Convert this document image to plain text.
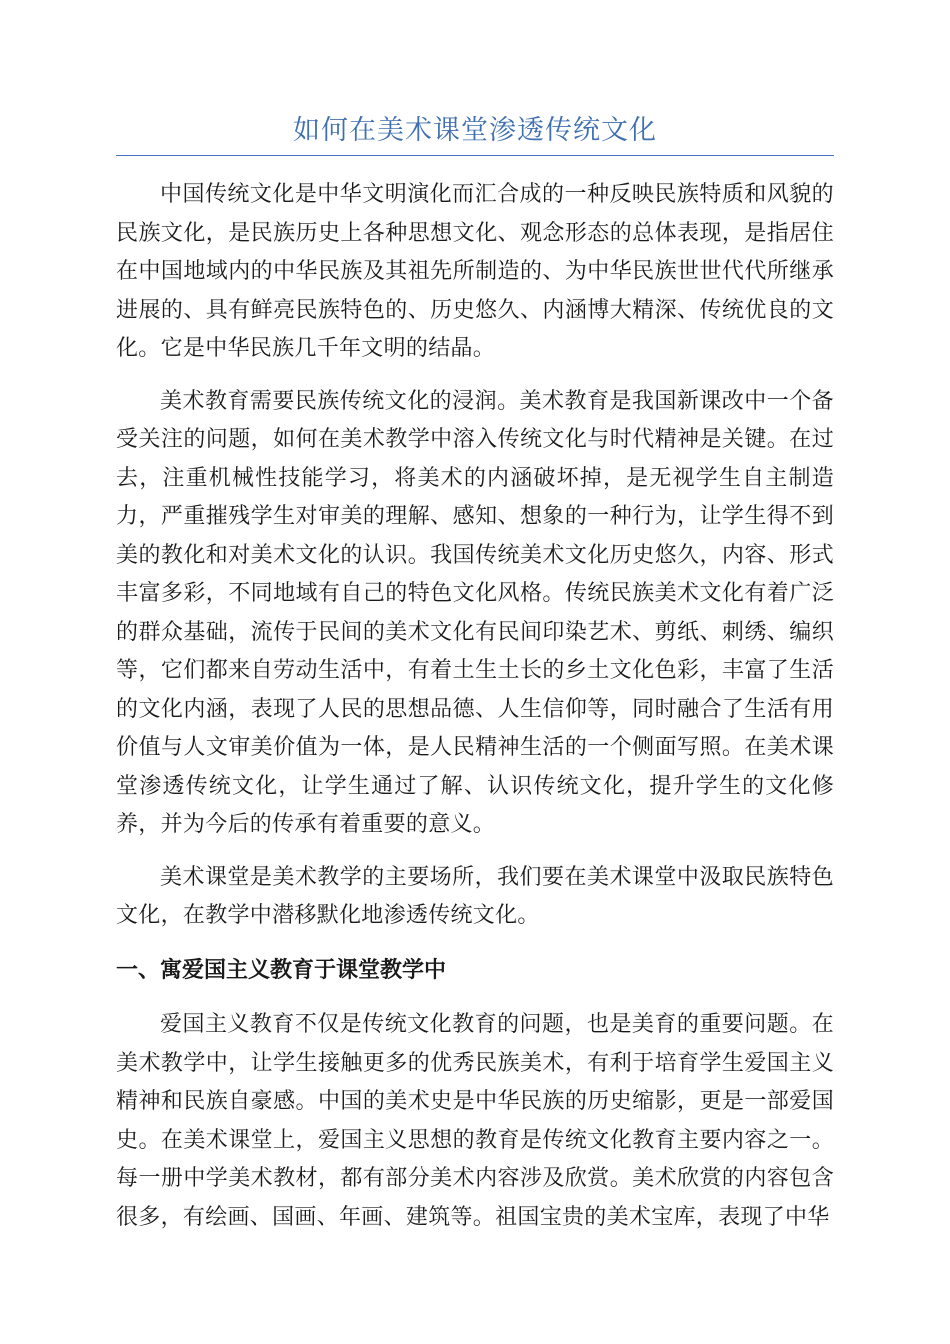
如何在美术课堂渗透传统文化

中国传统文化是中华文明演化而汇合成的一种反映民族特质和风貌的民族文化，是民族历史上各种思想文化、观念形态的总体表现，是指居住在中国地域内的中华民族及其祖先所制造的、为中华民族世世代代所继承进展的、具有鲜亮民族特色的、历史悠久、内涵博大精深、传统优良的文化。它是中华民族几千年文明的结晶。

美术教育需要民族传统文化的浸润。美术教育是我国新课改中一个备受关注的问题，如何在美术教学中溶入传统文化与时代精神是关键。在过去，注重机械性技能学习，将美术的内涵破坏掉，是无视学生自主制造力，严重摧残学生对审美的理解、感知、想象的一种行为，让学生得不到美的教化和对美术文化的认识。我国传统美术文化历史悠久，内容、形式丰富多彩，不同地域有自己的特色文化风格。传统民族美术文化有着广泛的群众基础，流传于民间的美术文化有民间印染艺术、剪纸、刺绣、编织等，它们都来自劳动生活中，有着土生土长的乡土文化色彩，丰富了生活的文化内涵，表现了人民的思想品德、人生信仰等，同时融合了生活有用价值与人文审美价值为一体，是人民精神生活的一个侧面写照。在美术课堂渗透传统文化，让学生通过了解、认识传统文化，提升学生的文化修养，并为今后的传承有着重要的意义。

美术课堂是美术教学的主要场所，我们要在美术课堂中汲取民族特色文化，在教学中潜移默化地渗透传统文化。

一、寓爱国主义教育于课堂教学中

爱国主义教育不仅是传统文化教育的问题，也是美育的重要问题。在美术教学中，让学生接触更多的优秀民族美术，有利于培育学生爱国主义精神和民族自豪感。中国的美术史是中华民族的历史缩影，更是一部爱国史。在美术课堂上，爱国主义思想的教育是传统文化教育主要内容之一。每一册中学美术教材，都有部分美术内容涉及欣赏。美术欣赏的内容包含很多，有绘画、国画、年画、建筑等。祖国宝贵的美术宝库，表现了中华
